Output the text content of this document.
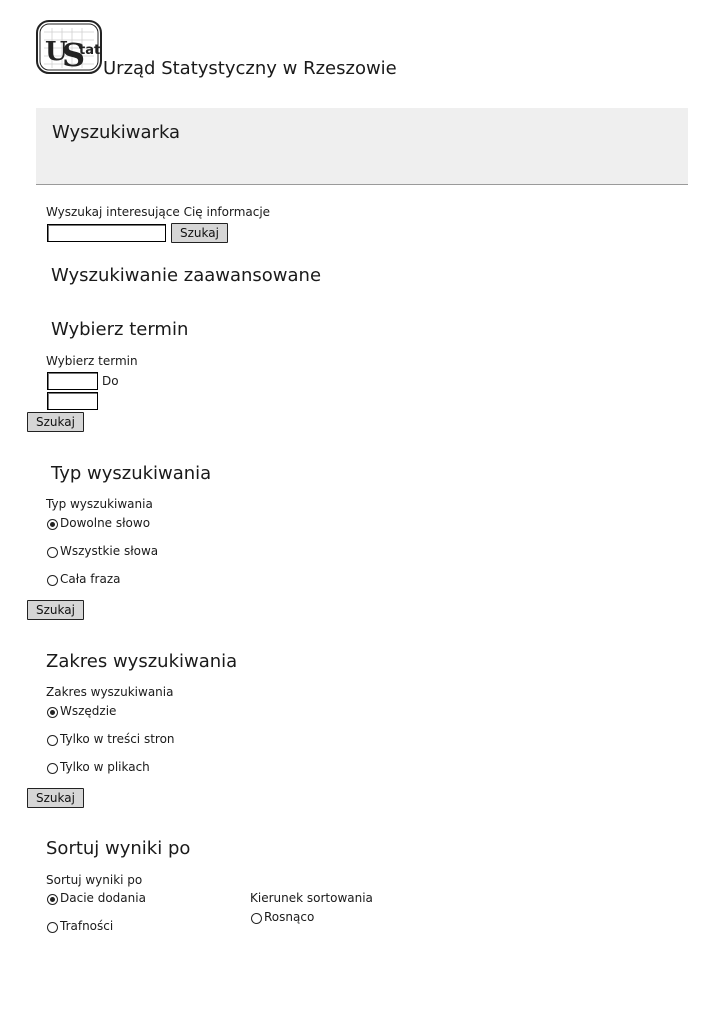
U
S
tat
Urząd Statystyczny w Rzeszowie
Wyszukiwarka
Wyszukaj interesujące Cię informacje
Szukaj
Wyszukiwanie zaawansowane
Wybierz termin
Wybierz termin
Do
Szukaj
Typ wyszukiwania
Typ wyszukiwania
Dowolne słowo
Wszystkie słowa
Cała fraza
Szukaj
Zakres wyszukiwania
Zakres wyszukiwania
Wszędzie
Tylko w treści stron
Tylko w plikach
Szukaj
Sortuj wyniki po
Sortuj wyniki po
Dacie dodania
Trafności
Kierunek sortowania
Rosnąco
